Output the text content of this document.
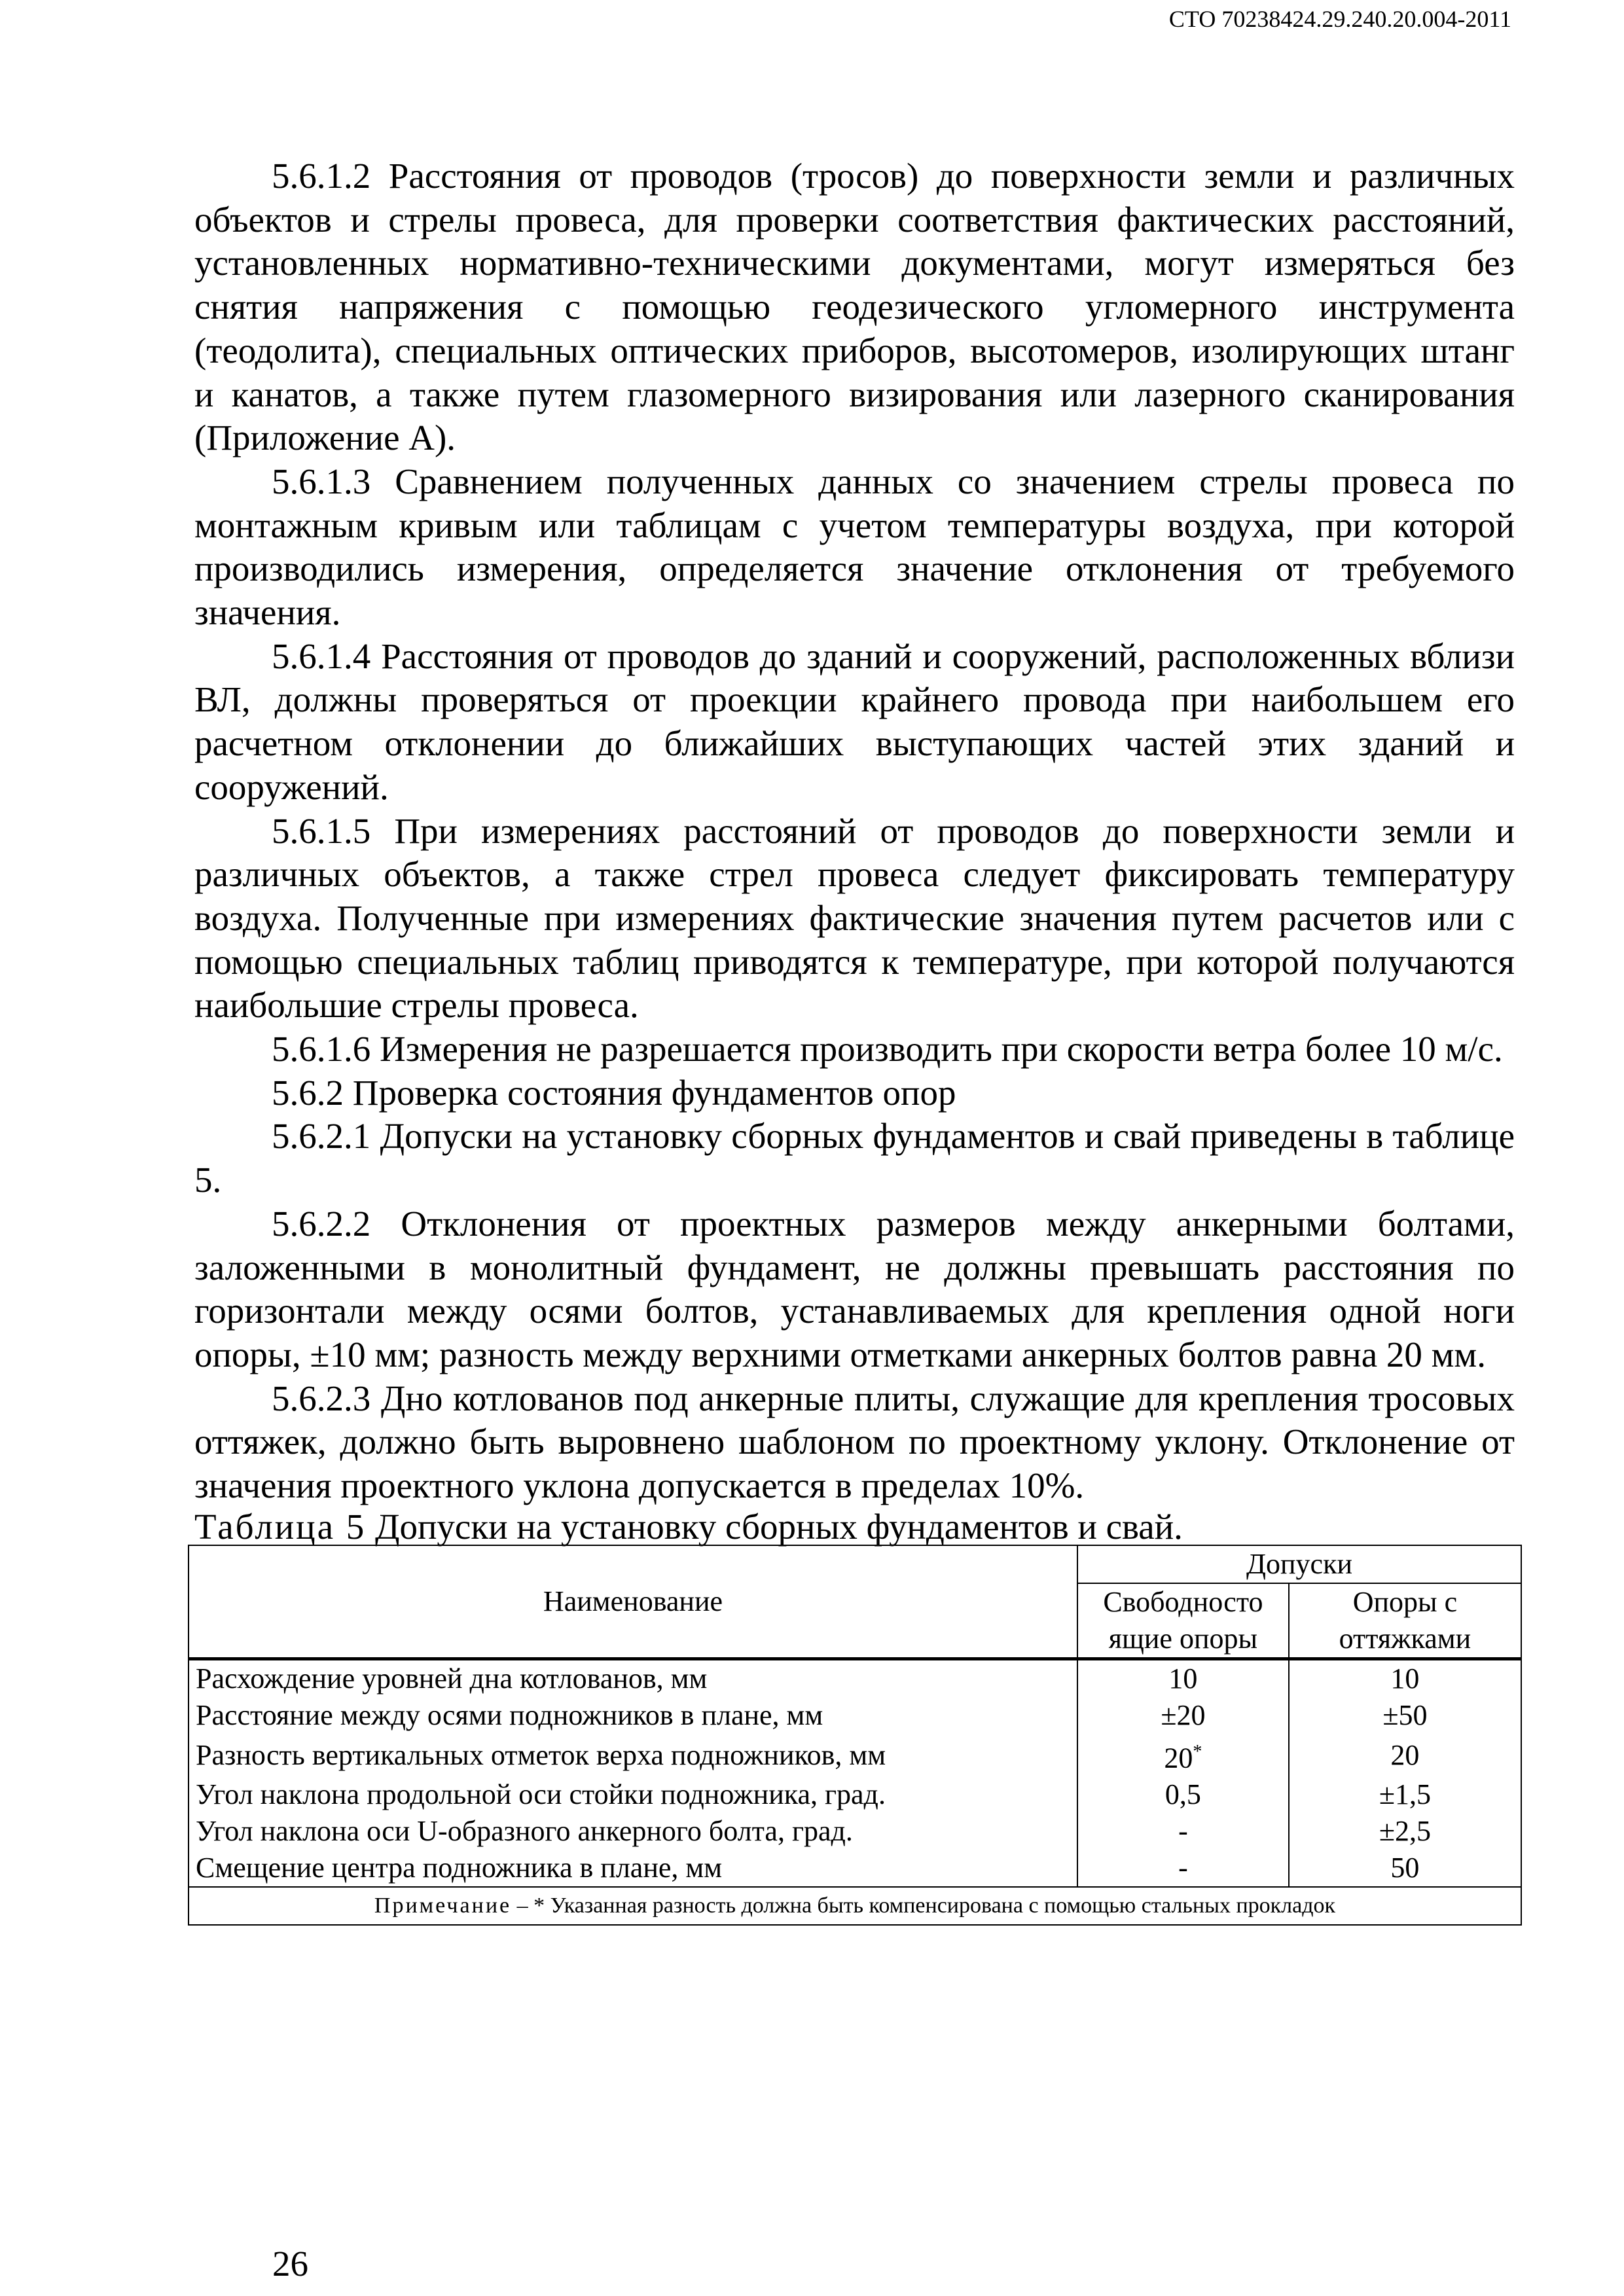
СТО 70238424.29.240.20.004-2011

5.6.1.2 Расстояния от проводов (тросов) до поверхности земли и различных объектов и стрелы провеса, для проверки соответствия фактических расстояний, установленных нормативно-техническими документами, могут измеряться без снятия напряжения с помощью геодезического угломерного инструмента (теодолита), специальных оптических приборов, высотомеров, изолирующих штанг и канатов, а также путем глазомерного визирования или лазерного сканирования (Приложение А).

5.6.1.3 Сравнением полученных данных со значением стрелы провеса по монтажным кривым или таблицам с учетом температуры воздуха, при которой производились измерения, определяется значение отклонения от требуемого значения.

5.6.1.4 Расстояния от проводов до зданий и сооружений, расположенных вблизи ВЛ, должны проверяться от проекции крайнего провода при наибольшем его расчетном отклонении до ближайших выступающих частей этих зданий и сооружений.

5.6.1.5 При измерениях расстояний от проводов до поверхности земли и различных объектов, а также стрел провеса следует фиксировать температуру воздуха. Полученные при измерениях фактические значения путем расчетов или с помощью специальных таблиц приводятся к температуре, при которой получаются наибольшие стрелы провеса.

5.6.1.6 Измерения не разрешается производить при скорости ветра более 10 м/с.

5.6.2 Проверка состояния фундаментов опор

5.6.2.1 Допуски на установку сборных фундаментов и свай приведены в таблице 5.

5.6.2.2 Отклонения от проектных размеров между анкерными болтами, заложенными в монолитный фундамент, не должны превышать расстояния по горизонтали между осями болтов, устанавливаемых для крепления одной ноги опоры, ±10 мм; разность между верхними отметками анкерных болтов равна 20 мм.

5.6.2.3 Дно котлованов под анкерные плиты, служащие для крепления тросовых оттяжек, должно быть выровнено шаблоном по проектному уклону. Отклонение от значения проектного уклона допускается в пределах 10%.

Таблица 5 Допуски на установку сборных фундаментов и свай.
Наименование	Допуски	
	Свободносто	Опоры с
	ящие опоры	оттяжками
Расхождение уровней дна котлованов, мм	10	10
Расстояние между осями подножников в плане, мм	±20	±50
Разность вертикальных отметок верха подножников, мм	20*	20
Угол наклона продольной оси стойки подножника, град.	0,5	±1,5
Угол наклона оси U-образного анкерного болта, град.	-	±2,5
Смещение центра подножника в плане, мм	-	50
Примечание – * Указанная разность должна быть компенсирована с помощью стальных прокладок		
26
